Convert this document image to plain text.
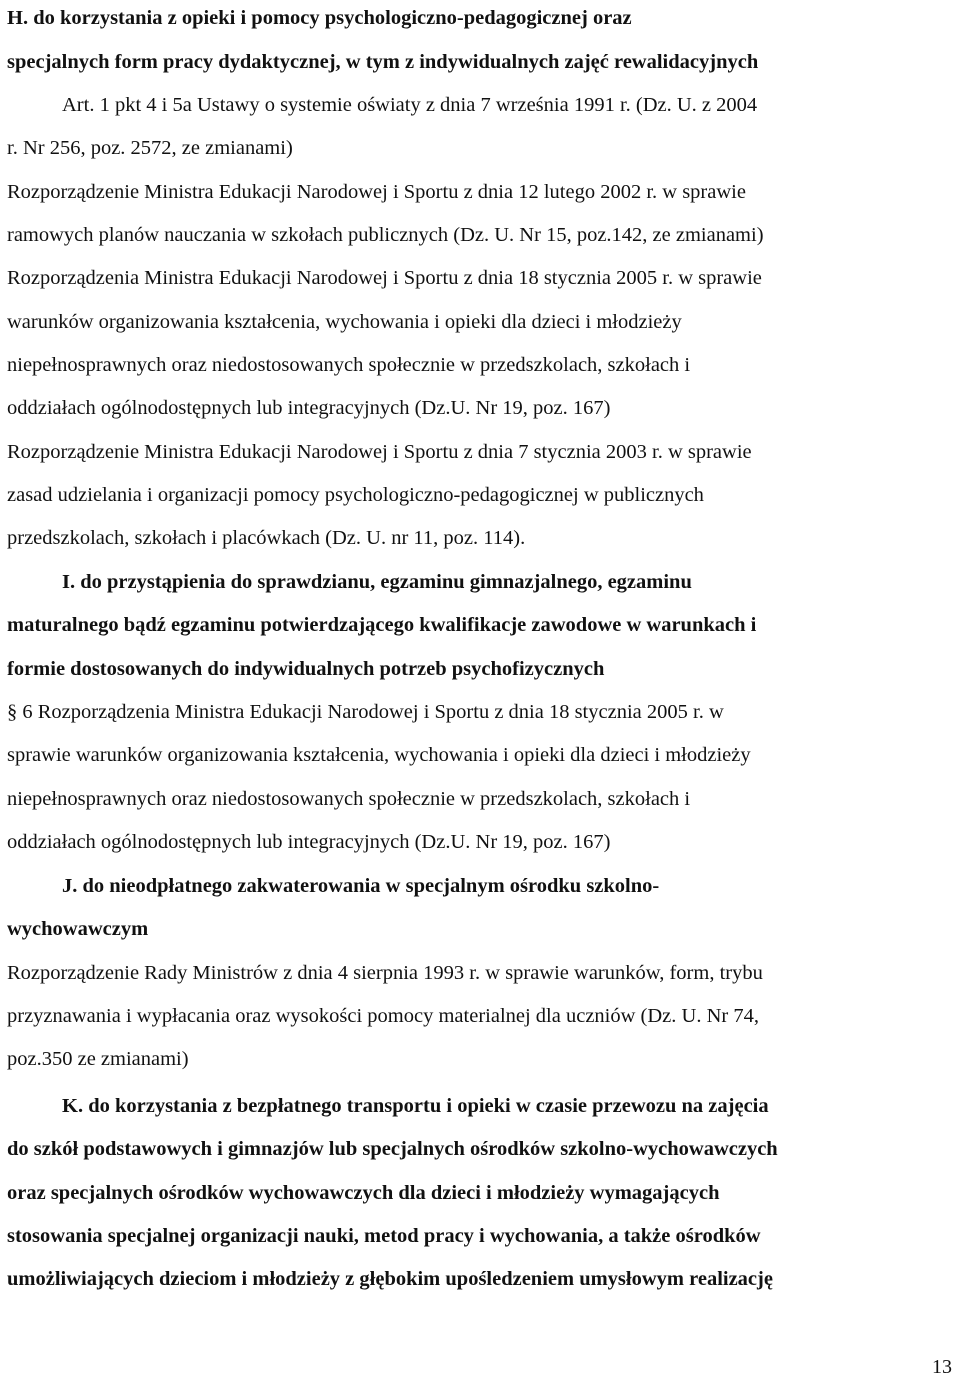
H. do korzystania z opieki i pomocy psychologiczno-pedagogicznej oraz
specjalnych form pracy dydaktycznej, w tym z indywidualnych zajęć rewalidacyjnych
Art. 1 pkt 4 i 5a Ustawy o systemie oświaty z dnia 7 września 1991 r. (Dz. U. z 2004
r. Nr 256, poz. 2572, ze zmianami)
Rozporządzenie Ministra Edukacji Narodowej i Sportu z dnia 12 lutego 2002 r. w sprawie
ramowych planów nauczania w szkołach publicznych (Dz. U. Nr 15, poz.142, ze zmianami)
Rozporządzenia Ministra Edukacji Narodowej i Sportu z dnia 18 stycznia 2005 r. w sprawie
warunków organizowania kształcenia, wychowania i opieki dla dzieci i młodzieży
niepełnosprawnych oraz niedostosowanych społecznie w przedszkolach, szkołach i
oddziałach ogólnodostępnych lub integracyjnych (Dz.U. Nr 19, poz. 167)
Rozporządzenie Ministra Edukacji Narodowej i Sportu z dnia 7 stycznia 2003 r. w sprawie
zasad udzielania i organizacji pomocy psychologiczno-pedagogicznej w publicznych
przedszkolach, szkołach i placówkach (Dz. U. nr 11, poz. 114).
I. do przystąpienia do sprawdzianu, egzaminu gimnazjalnego, egzaminu
maturalnego bądź egzaminu potwierdzającego kwalifikacje zawodowe w warunkach i
formie dostosowanych do indywidualnych potrzeb psychofizycznych
§ 6 Rozporządzenia Ministra Edukacji Narodowej i Sportu z dnia 18 stycznia 2005 r. w
sprawie warunków organizowania kształcenia, wychowania i opieki dla dzieci i młodzieży
niepełnosprawnych oraz niedostosowanych społecznie w przedszkolach, szkołach i
oddziałach ogólnodostępnych lub integracyjnych (Dz.U. Nr 19, poz. 167)
J. do nieodpłatnego zakwaterowania w specjalnym ośrodku szkolno-
wychowawczym
Rozporządzenie Rady Ministrów z dnia 4 sierpnia 1993 r. w sprawie warunków, form, trybu
przyznawania i wypłacania oraz wysokości pomocy materialnej dla uczniów (Dz. U. Nr 74,
poz.350 ze zmianami)
K. do korzystania z bezpłatnego transportu i opieki w czasie przewozu na zajęcia
do szkół podstawowych i gimnazjów lub specjalnych ośrodków szkolno-wychowawczych
oraz specjalnych ośrodków wychowawczych dla dzieci i młodzieży wymagających
stosowania specjalnej organizacji nauki, metod pracy i wychowania, a także ośrodków
umożliwiających dzieciom i młodzieży z głębokim upośledzeniem umysłowym realizację
13
